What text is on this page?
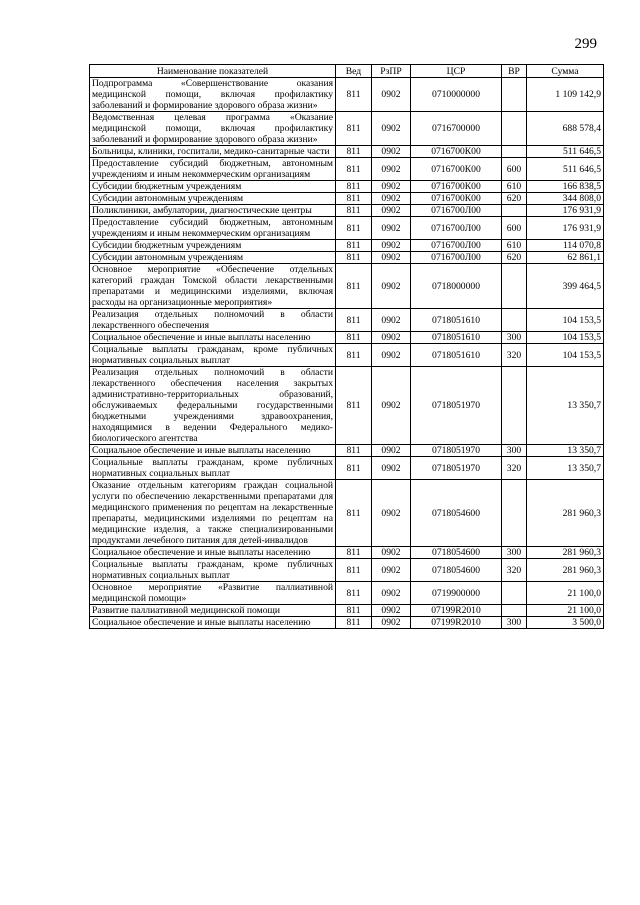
299
Наименование показателей	Вед	РзПР	ЦСР	ВР	Сумма
Подпрограмма «Совершенствование оказания медицинской помощи, включая профилактику заболеваний и формирование здорового образа жизни»	811	0902	0710000000		1 109 142,9
Ведомственная целевая программа «Оказание медицинской помощи, включая профилактику заболеваний и формирование здорового образа жизни»	811	0902	0716700000		688 578,4
Больницы, клиники, госпитали, медико-санитарные части	811	0902	0716700К00		511 646,5
Предоставление субсидий бюджетным, автономным учреждениям и иным некоммерческим организациям	811	0902	0716700К00	600	511 646,5
Субсидии бюджетным учреждениям	811	0902	0716700К00	610	166 838,5
Субсидии автономным учреждениям	811	0902	0716700К00	620	344 808,0
Поликлиники, амбулатории, диагностические центры	811	0902	0716700Л00		176 931,9
Предоставление субсидий бюджетным, автономным учреждениям и иным некоммерческим организациям	811	0902	0716700Л00	600	176 931,9
Субсидии бюджетным учреждениям	811	0902	0716700Л00	610	114 070,8
Субсидии автономным учреждениям	811	0902	0716700Л00	620	62 861,1
Основное мероприятие «Обеспечение отдельных категорий граждан Томской области лекарственными препаратами и медицинскими изделиями, включая расходы на организационные мероприятия»	811	0902	0718000000		399 464,5
Реализация отдельных полномочий в области лекарственного обеспечения	811	0902	0718051610		104 153,5
Социальное обеспечение и иные выплаты населению	811	0902	0718051610	300	104 153,5
Социальные выплаты гражданам, кроме публичных нормативных социальных выплат	811	0902	0718051610	320	104 153,5
Реализация отдельных полномочий в области лекарственного обеспечения населения закрытых административно-территориальных образований, обслуживаемых федеральными государственными бюджетными учреждениями здравоохранения, находящимися в ведении Федерального медико-биологического агентства	811	0902	0718051970		13 350,7
Социальное обеспечение и иные выплаты населению	811	0902	0718051970	300	13 350,7
Социальные выплаты гражданам, кроме публичных нормативных социальных выплат	811	0902	0718051970	320	13 350,7
Оказание отдельным категориям граждан социальной услуги по обеспечению лекарственными препаратами для медицинского применения по рецептам на лекарственные препараты, медицинскими изделиями по рецептам на медицинские изделия, а также специализированными продуктами лечебного питания для детей-инвалидов	811	0902	0718054600		281 960,3
Социальное обеспечение и иные выплаты населению	811	0902	0718054600	300	281 960,3
Социальные выплаты гражданам, кроме публичных нормативных социальных выплат	811	0902	0718054600	320	281 960,3
Основное мероприятие «Развитие паллиативной медицинской помощи»	811	0902	0719900000		21 100,0
Развитие паллиативной медицинской помощи	811	0902	07199R2010		21 100,0
Социальное обеспечение и иные выплаты населению	811	0902	07199R2010	300	3 500,0
